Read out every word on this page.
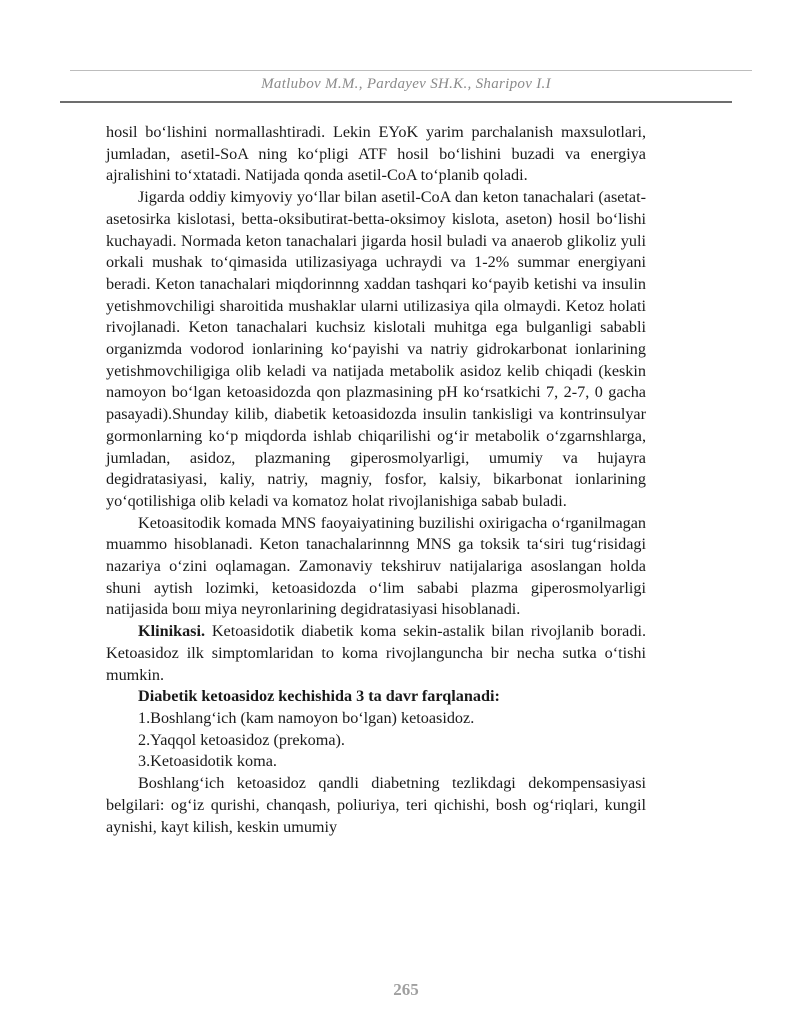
Matlubov M.M., Pardayev SH.K., Sharipov I.I

hosil bo‘lishini normallashtiradi. Lekin EYoK yarim parchalanish maxsulotlari, jumladan, asetil-SoA ning ko‘pligi ATF hosil bo‘lishini buzadi va energiya ajralishini to‘xtatadi. Natijada qonda asetil-CoA to‘planib qoladi.

Jigarda oddiy kimyoviy yo‘llar bilan asetil-CoA dan keton tanachalari (asetat-asetosirka kislotasi, betta-oksibutirat-betta-oksimoy kislota, aseton) hosil bo‘lishi kuchayadi. Normada keton tanachalari jigarda hosil buladi va anaerob glikoliz yuli orkali mushak to‘qimasida utilizasiyaga uchraydi va 1-2% summar energiyani beradi. Keton tanachalari miqdorinnng xaddan tashqari ko‘payib ketishi va insulin yetishmovchiligi sharoitida mushaklar ularni utilizasiya qila olmaydi. Ketoz holati rivojlanadi. Keton tanachalari kuchsiz kislotali muhitga ega bulganligi sababli organizmda vodorod ionlarining ko‘payishi va natriy gidrokarbonat ionlarining yetishmovchiligiga olib keladi va natijada metabolik asidoz kelib chiqadi (keskin namoyon bo‘lgan ketoasidozda qon plazmasining pH ko‘rsatkichi 7, 2-7, 0 gacha pasayadi).Shunday kilib, diabetik ketoasidozda insulin tankisligi va kontrinsulyar gormonlarning ko‘p miqdorda ishlab chiqarilishi og‘ir metabolik o‘zgarnshlarga, jumladan, asidoz, plazmaning giperosmolyarligi, umumiy va hujayra degidratasiyasi, kaliy, natriy, magniy, fosfor, kalsiy, bikarbonat ionlarining yo‘qotilishiga olib keladi va komatoz holat rivojlanishiga sabab buladi.

Ketoasitodik komada MNS faoyaiyatining buzilishi oxirigacha o‘rganilmagan muammo hisoblanadi. Keton tanachalarinnng MNS ga toksik ta‘siri tug‘risidagi nazariya o‘zini oqlamagan. Zamonaviy tekshiruv natijalariga asoslangan holda shuni aytish lozimki, ketoasidozda o‘lim sababi plazma giperosmolyarligi natijasida bош miya neyronlarining degidratasiyasi hisoblanadi.

Klinikasi. Ketoasidotik diabetik koma sekin-astalik bilan rivojlanib boradi. Ketoasidoz ilk simptomlaridan to koma rivojlanguncha bir necha sutka o‘tishi mumkin.

Diabetik ketoasidoz kechishida 3 ta davr farqlanadi:

1.Boshlang‘ich (kam namoyon bo‘lgan) ketoasidoz.

2.Yaqqol ketoasidoz (prekoma).

3.Ketoasidotik koma.

Boshlang‘ich ketoasidoz qandli diabetning tezlikdagi dekompensasiyasi belgilari: og‘iz qurishi, chanqash, poliuriya, teri qichishi, bosh og‘riqlari, kungil aynishi, kayt kilish, keskin umumiy

265
